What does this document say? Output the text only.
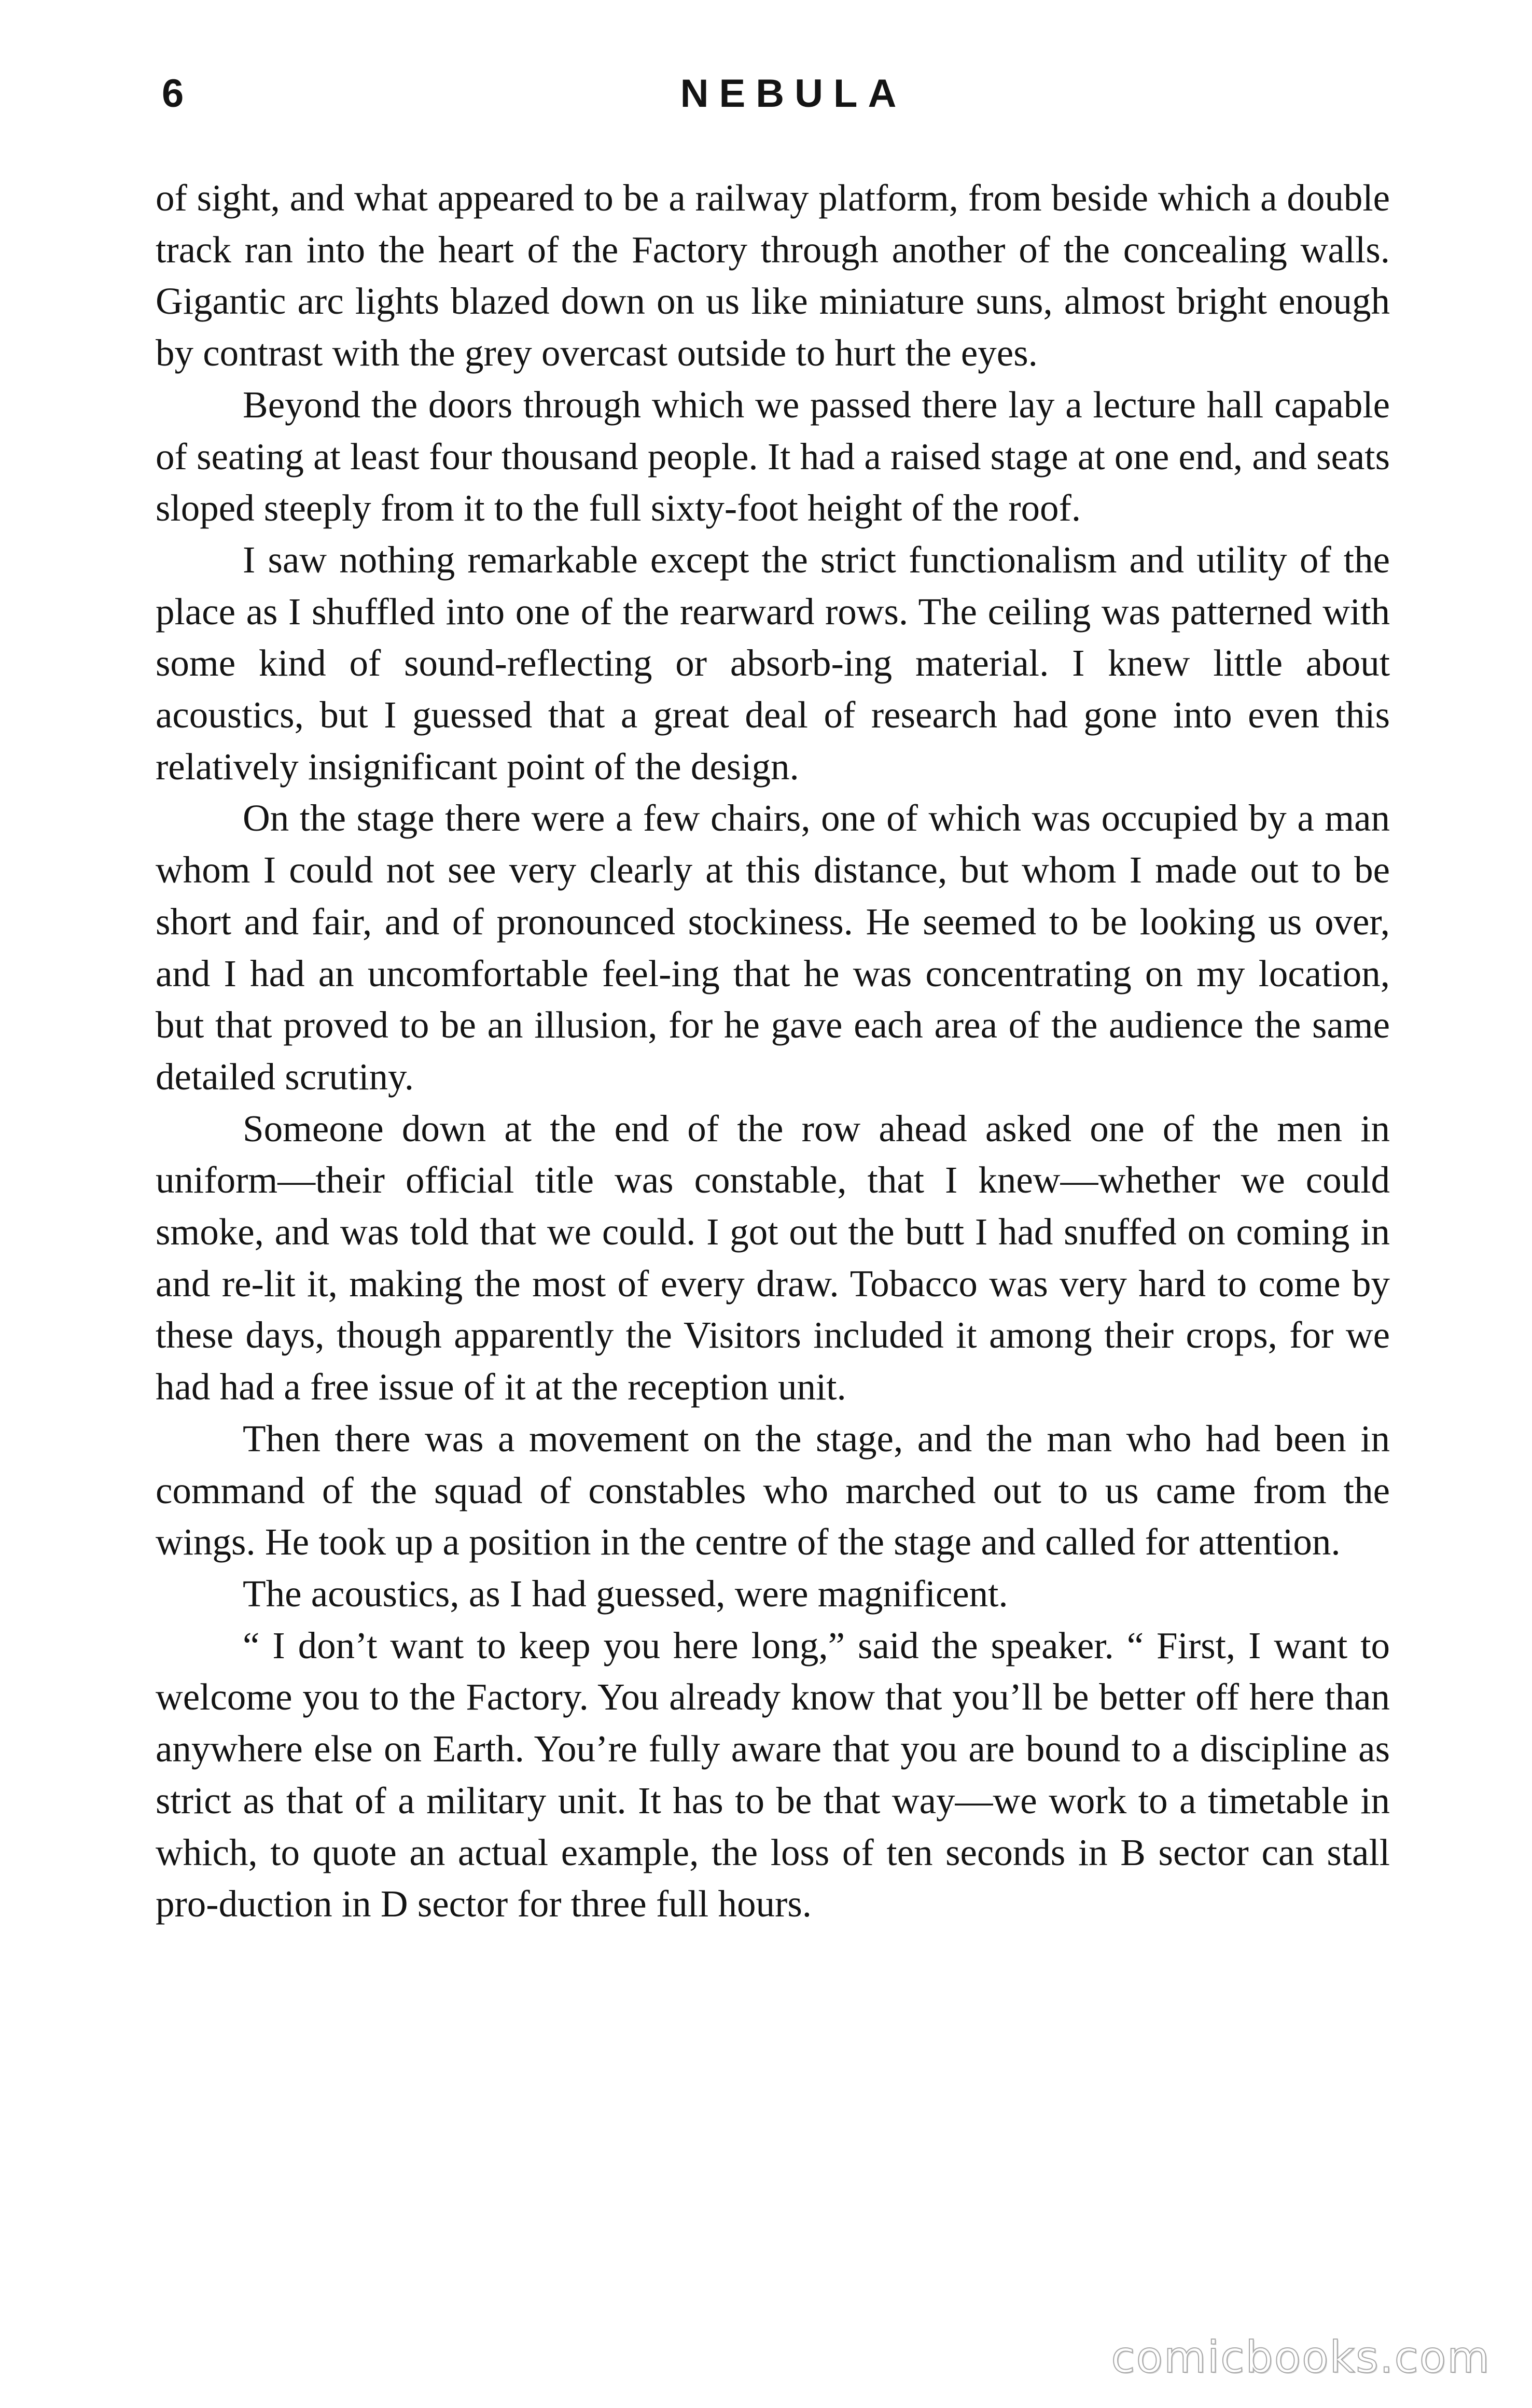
6	NEBULA

of sight, and what appeared to be a railway platform, from beside which a double track ran into the heart of the Factory through another of the concealing walls. Gigantic arc lights blazed down on us like miniature suns, almost bright enough by contrast with the grey overcast outside to hurt the eyes.

Beyond the doors through which we passed there lay a lecture hall capable of seating at least four thousand people. It had a raised stage at one end, and seats sloped steeply from it to the full sixty-foot height of the roof.

I saw nothing remarkable except the strict functionalism and utility of the place as I shuffled into one of the rearward rows. The ceiling was patterned with some kind of sound-reflecting or absorb-ing material. I knew little about acoustics, but I guessed that a great deal of research had gone into even this relatively insignificant point of the design.

On the stage there were a few chairs, one of which was occupied by a man whom I could not see very clearly at this distance, but whom I made out to be short and fair, and of pronounced stockiness. He seemed to be looking us over, and I had an uncomfortable feel-ing that he was concentrating on my location, but that proved to be an illusion, for he gave each area of the audience the same detailed scrutiny.

Someone down at the end of the row ahead asked one of the men in uniform—their official title was constable, that I knew—whether we could smoke, and was told that we could. I got out the butt I had snuffed on coming in and re-lit it, making the most of every draw. Tobacco was very hard to come by these days, though apparently the Visitors included it among their crops, for we had had a free issue of it at the reception unit.

Then there was a movement on the stage, and the man who had been in command of the squad of constables who marched out to us came from the wings. He took up a position in the centre of the stage and called for attention.

The acoustics, as I had guessed, were magnificent.

“ I don’t want to keep you here long,” said the speaker. “ First, I want to welcome you to the Factory. You already know that you’ll be better off here than anywhere else on Earth. You’re fully aware that you are bound to a discipline as strict as that of a military unit. It has to be that way—we work to a timetable in which, to quote an actual example, the loss of ten seconds in B sector can stall pro-duction in D sector for three full hours.

comicbooks.com
